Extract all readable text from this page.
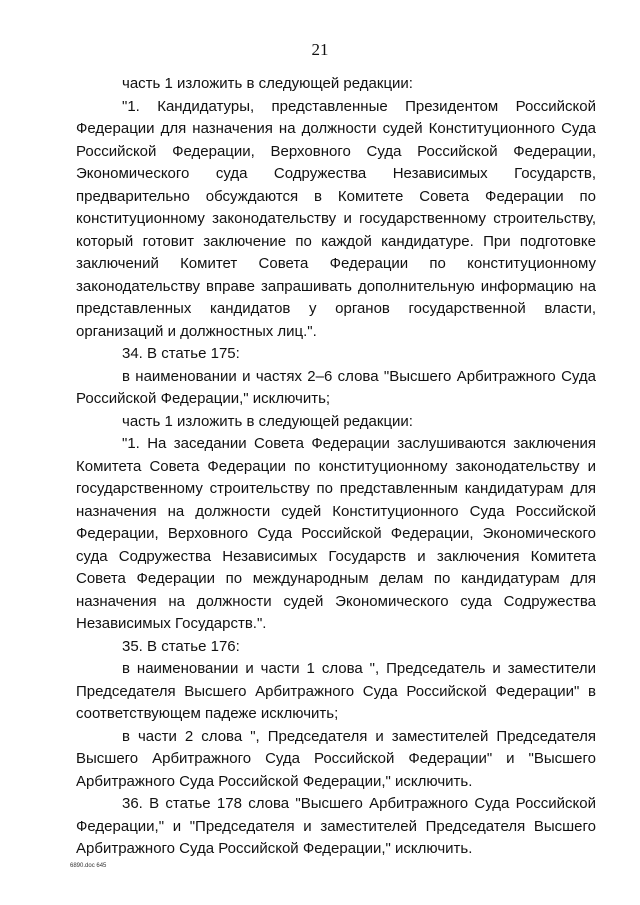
21

часть 1 изложить в следующей редакции:

"1. Кандидатуры, представленные Президентом Российской Федерации для назначения на должности судей Конституционного Суда Российской Федерации, Верховного Суда Российской Федерации, Экономического суда Содружества Независимых Государств, предварительно обсуждаются в Комитете Совета Федерации по конституционному законодательству и государственному строительству, который готовит заключение по каждой кандидатуре. При подготовке заключений Комитет Совета Федерации по конституционному законодательству вправе запрашивать дополнительную информацию на представленных кандидатов у органов государственной власти, организаций и должностных лиц.".

34. В статье 175:

в наименовании и частях 2–6 слова "Высшего Арбитражного Суда Российской Федерации," исключить;

часть 1 изложить в следующей редакции:

"1. На заседании Совета Федерации заслушиваются заключения Комитета Совета Федерации по конституционному законодательству и государственному строительству по представленным кандидатурам для назначения на должности судей Конституционного Суда Российской Федерации, Верховного Суда Российской Федерации, Экономического суда Содружества Независимых Государств и заключения Комитета Совета Федерации по международным делам по кандидатурам для назначения на должности судей Экономического суда Содружества Независимых Государств.".

35. В статье 176:

в наименовании и части 1 слова ", Председатель и заместители Председателя Высшего Арбитражного Суда Российской Федерации" в соответствующем падеже исключить;

в части 2 слова ", Председателя и заместителей Председателя Высшего Арбитражного Суда Российской Федерации" и "Высшего Арбитражного Суда Российской Федерации," исключить.

36. В статье 178 слова "Высшего Арбитражного Суда Российской Федерации," и "Председателя и заместителей Председателя Высшего Арбитражного Суда Российской Федерации," исключить.

6890.doc 645
